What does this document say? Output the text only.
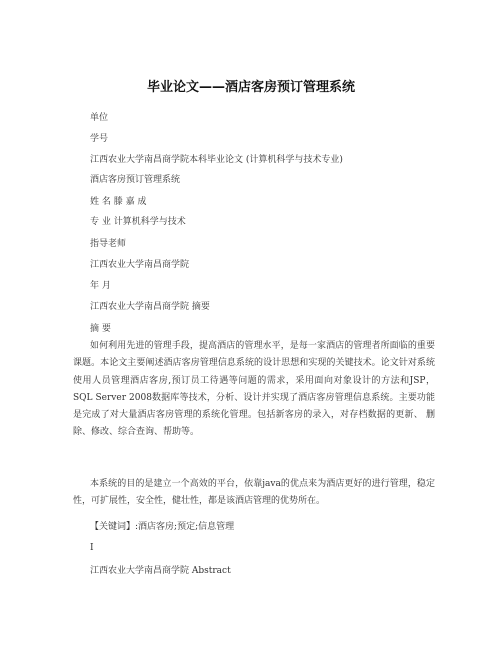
毕业论文——酒店客房预订管理系统
单位
学号
江西农业大学南昌商学院本科毕业论文 (计算机科学与技术专业)
酒店客房预订管理系统
姓 名 滕 嘉 成
专 业 计算机科学与技术
指导老师
江西农业大学南昌商学院
年 月
江西农业大学南昌商学院 摘要
摘 要
如何利用先进的管理手段，提高酒店的管理水平，是每一家酒店的管理者所面临的重要课题。本论文主要阐述酒店客房管理信息系统的设计思想和实现的关键技术。论文针对系统使用人员管理酒店客房,预订员工待遇等问题的需求，采用面向对象设计的方法和JSP，SQL Server 2008数据库等技术，分析、设计并实现了酒店客房管理信息系统。主要功能是完成了对大量酒店客房管理的系统化管理。包括新客房的录入，对存档数据的更新、 删除、修改、综合查询、帮助等。
本系统的目的是建立一个高效的平台，依靠java的优点来为酒店更好的进行管理，稳定性，可扩展性，安全性，健壮性，都是该酒店管理的优势所在。
【关键词】:酒店客房;预定;信息管理
I
江西农业大学南昌商学院 Abstract
